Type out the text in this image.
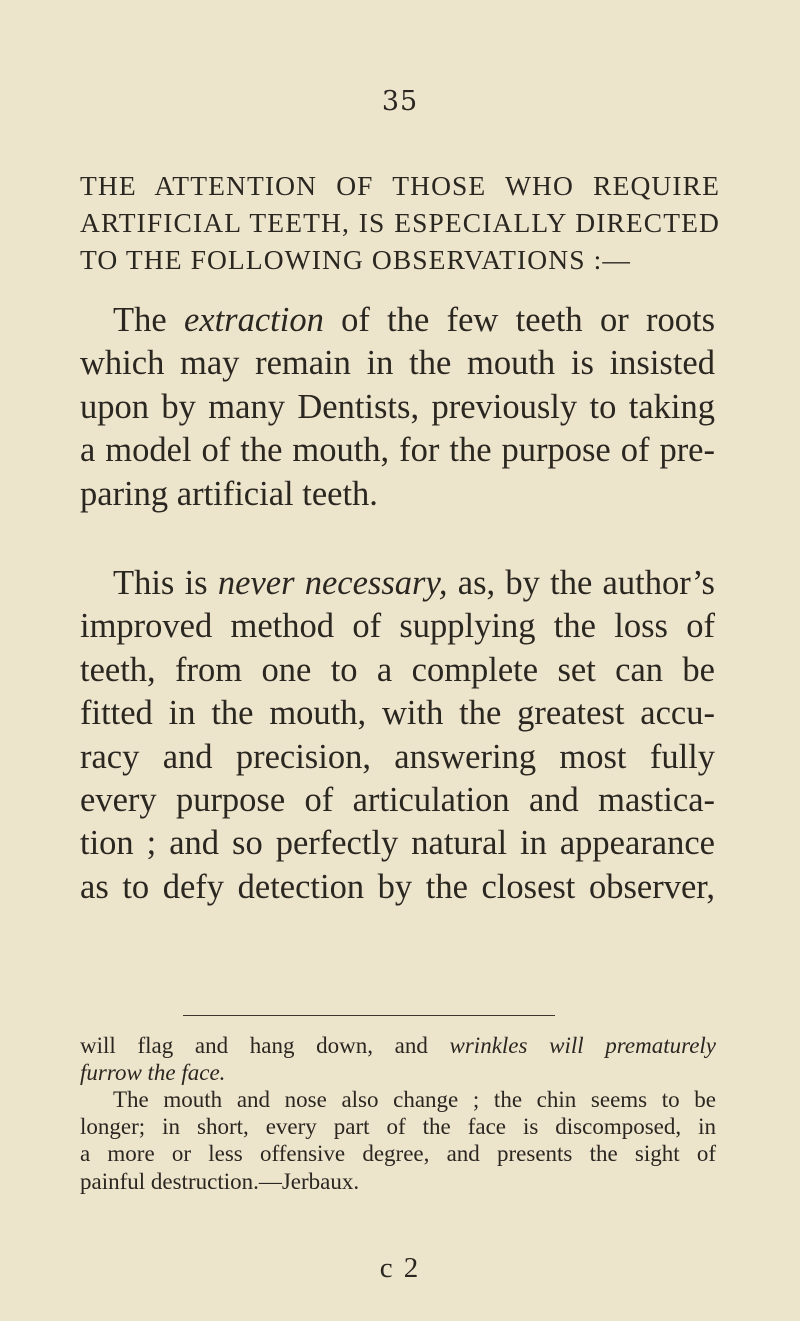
35
THE ATTENTION OF THOSE WHO REQUIRE
ARTIFICIAL TEETH, IS ESPECIALLY DIRECTED
TO THE FOLLOWING OBSERVATIONS :—
The extraction of the few teeth or roots
which may remain in the mouth is insisted
upon by many Dentists, previously to taking
a model of the mouth, for the purpose of pre-
paring artificial teeth.
This is never necessary, as, by the author’s
improved method of supplying the loss of
teeth, from one to a complete set can be
fitted in the mouth, with the greatest accu-
racy and precision, answering most fully
every purpose of articulation and mastica-
tion ; and so perfectly natural in appearance
as to defy detection by the closest observer,
will flag and hang down, and wrinkles will prematurely
furrow the face.
The mouth and nose also change ; the chin seems to be
longer; in short, every part of the face is discomposed, in
a more or less offensive degree, and presents the sight of
painful destruction.—Jerbaux.
c 2
